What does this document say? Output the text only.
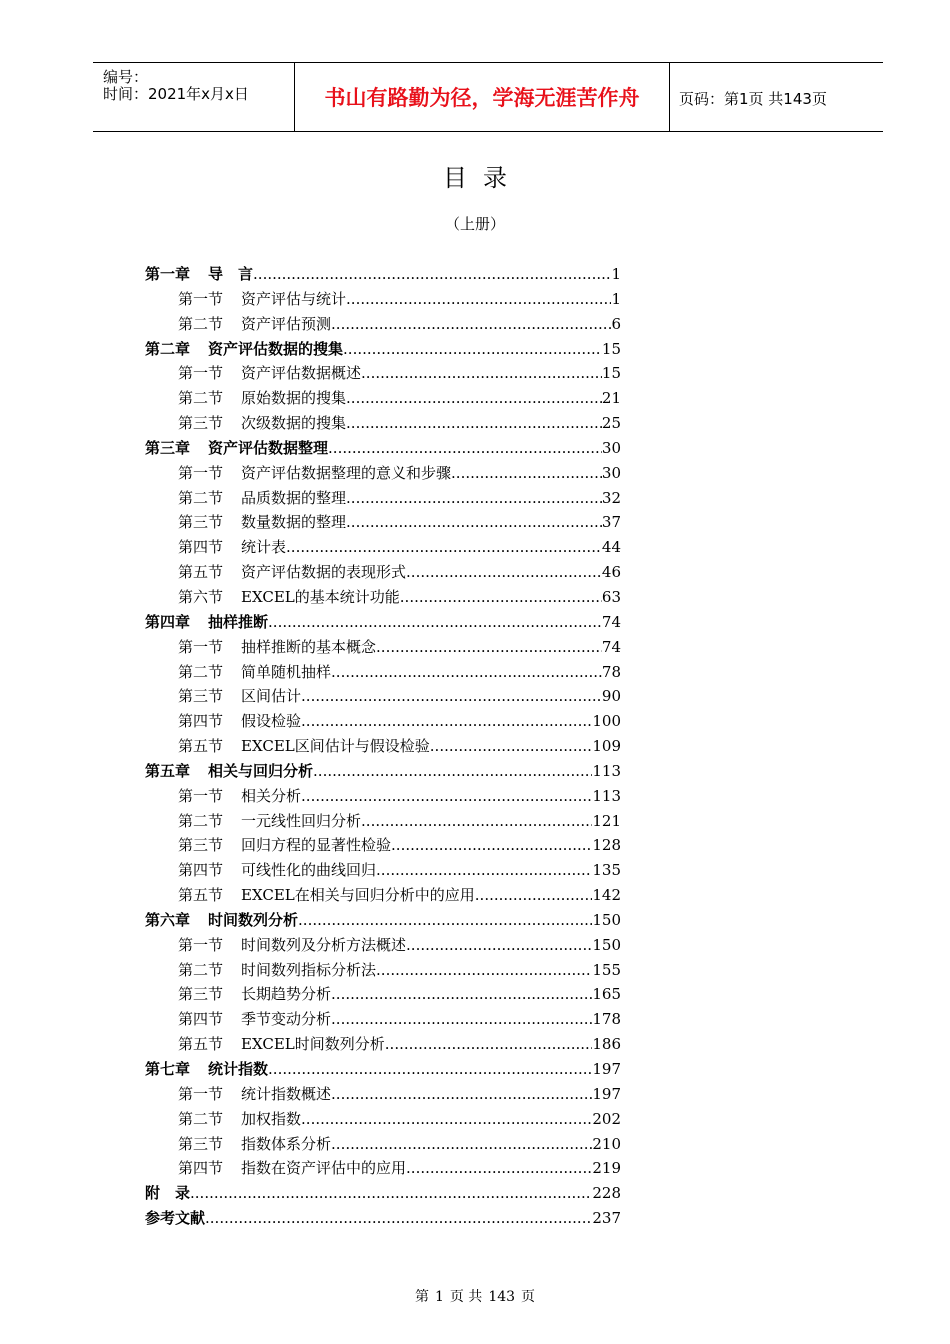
编号：
时间：2021年x月x日	书山有路勤为径，学海无涯苦作舟	页码：第1页 共143页
目录
（上册）
第一章 导　言 .....	1
第一节 资产评估与统计 .....	1
第二节 资产评估预测 .....	6
第二章 资产评估数据的搜集 .....	15
第一节 资产评估数据概述 .....	15
第二节 原始数据的搜集 .....	21
第三节 次级数据的搜集 .....	25
第三章 资产评估数据整理 .....	30
第一节 资产评估数据整理的意义和步骤 .....	30
第二节 品质数据的整理 .....	32
第三节 数量数据的整理 .....	37
第四节 统计表 .....	44
第五节 资产评估数据的表现形式 .....	46
第六节 EXCEL的基本统计功能 .....	63
第四章 抽样推断 .....	74
第一节 抽样推断的基本概念 .....	74
第二节 简单随机抽样 .....	78
第三节 区间估计 .....	90
第四节 假设检验 .....	100
第五节 EXCEL区间估计与假设检验 .....	109
第五章 相关与回归分析 .....	113
第一节 相关分析 .....	113
第二节 一元线性回归分析 .....	121
第三节 回归方程的显著性检验 .....	128
第四节 可线性化的曲线回归 .....	135
第五节 EXCEL在相关与回归分析中的应用 .....	142
第六章 时间数列分析 .....	150
第一节 时间数列及分析方法概述 .....	150
第二节 时间数列指标分析法 .....	155
第三节 长期趋势分析 .....	165
第四节 季节变动分析 .....	178
第五节 EXCEL时间数列分析 .....	186
第七章 统计指数 .....	197
第一节 统计指数概述 .....	197
第二节 加权指数 .....	202
第三节 指数体系分析 .....	210
第四节 指数在资产评估中的应用 .....	219
附　录 .....	228
参考文献 .....	237
第 1 页 共 143 页
